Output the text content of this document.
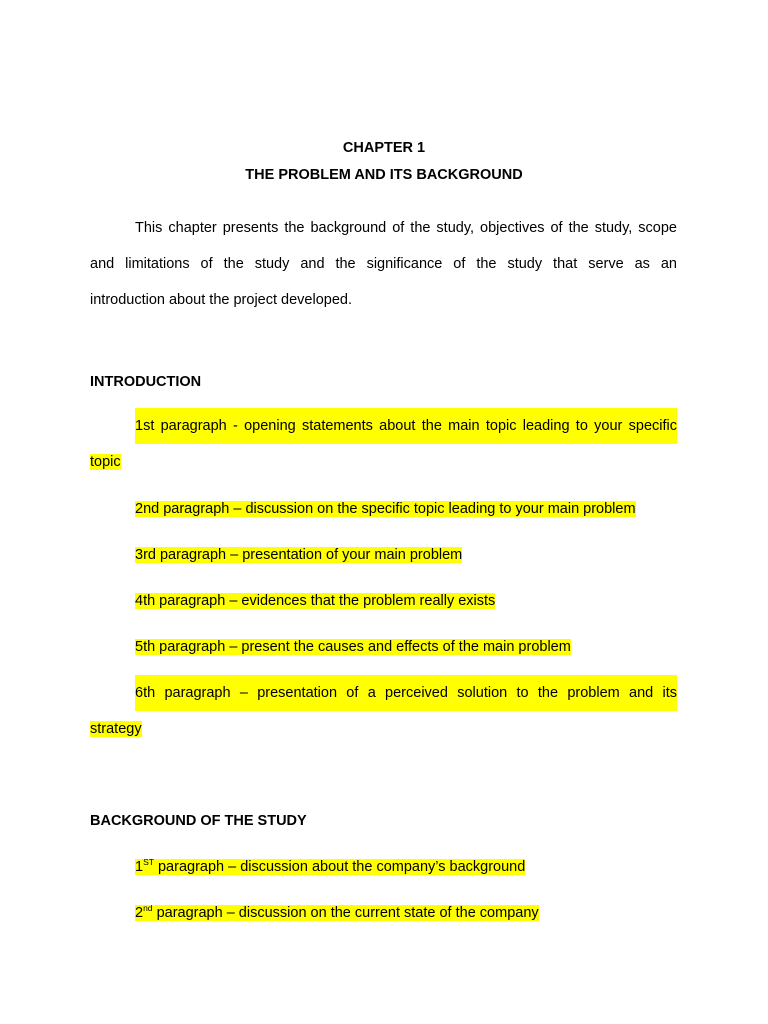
CHAPTER 1
THE PROBLEM AND ITS BACKGROUND
This chapter presents the background of the study, objectives of the study, scope
and limitations of the study and the significance of the study that serve as an
introduction about the project developed.
INTRODUCTION
1st paragraph - opening statements about the main topic leading to your specific
topic
2nd paragraph – discussion on the specific topic leading to your main problem
3rd paragraph – presentation of your main problem
4th paragraph – evidences that the problem really exists
5th paragraph – present the causes and effects of the main problem
6th paragraph – presentation of a perceived solution to the problem and its
strategy
BACKGROUND OF THE STUDY
1ST paragraph – discussion about the company’s background
2nd paragraph – discussion on the current state of the company
